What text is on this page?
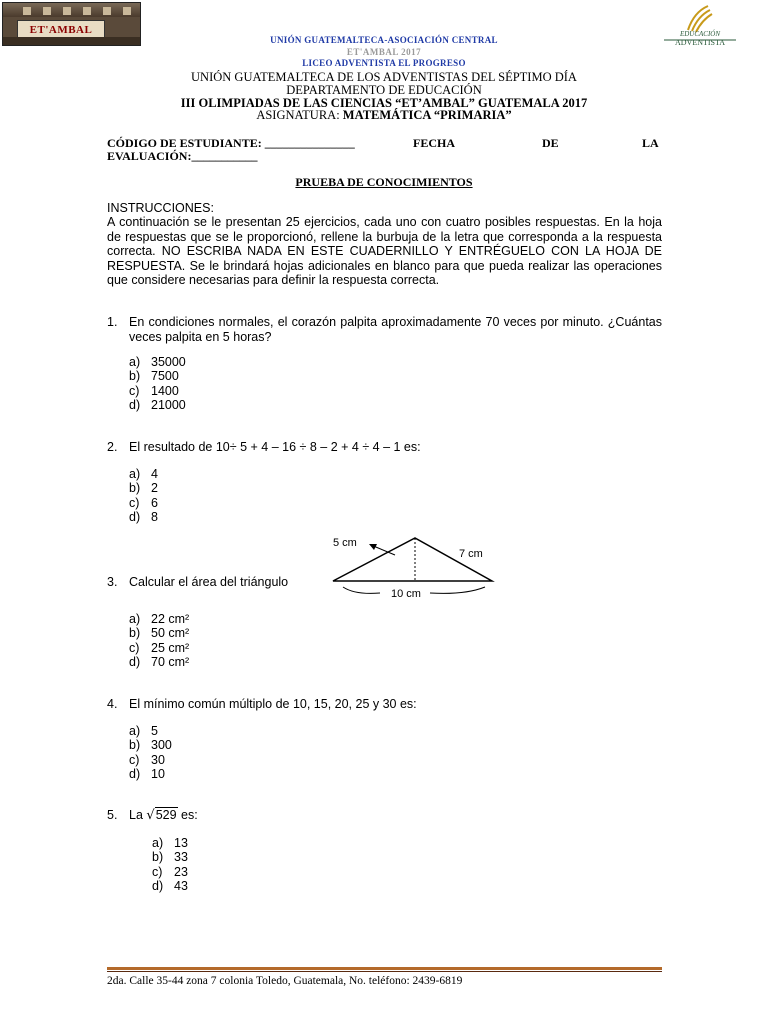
ET'AMBAL	EDUCACIÓN
ADVENTISTA
UNIÓN GUATEMALTECA-ASOCIACIÓN CENTRAL
ET'AMBAL 2017
LICEO ADVENTISTA EL PROGRESO
UNIÓN GUATEMALTECA DE LOS ADVENTISTAS DEL SÉPTIMO DÍA
DEPARTAMENTO DE EDUCACIÓN
III OLIMPIADAS DE LAS CIENCIAS “ET’AMBAL” GUATEMALA 2017
ASIGNATURA: MATEMÁTICA “PRIMARIA”
CÓDIGO DE ESTUDIANTE: _______________	FECHA	DE	LA
EVALUACIÓN:___________
PRUEBA DE CONOCIMIENTOS
INSTRUCCIONES:
A continuación se le presentan 25 ejercicios, cada uno con cuatro posibles respuestas. En la hoja de respuestas que se le proporcionó, rellene la burbuja de la letra que corresponda a la respuesta correcta. NO ESCRIBA NADA EN ESTE CUADERNILLO Y ENTRÉGUELO CON LA HOJA DE RESPUESTA. Se le brindará hojas adicionales en blanco para que pueda realizar las operaciones que considere necesarias para definir la respuesta correcta.
1. En condiciones normales, el corazón palpita aproximadamente 70 veces por minuto. ¿Cuántas veces palpita en 5 horas?
a) 35000
b) 7500
c) 1400
d) 21000
2. El resultado de 10÷ 5 + 4 – 16 ÷ 8 – 2 + 4 ÷ 4 – 1 es:
a) 4
b) 2
c) 6
d) 8
3. Calcular el área del triángulo
5 cm
7 cm
10 cm
a) 22 cm²
b) 50 cm²
c) 25 cm²
d) 70 cm²
4. El mínimo común múltiplo de 10, 15, 20, 25 y 30 es:
a) 5
b) 300
c) 30
d) 10
5. La √529 es:
a) 13
b) 33
c) 23
d) 43
2da. Calle 35-44 zona 7 colonia Toledo, Guatemala, No. teléfono: 2439-6819
